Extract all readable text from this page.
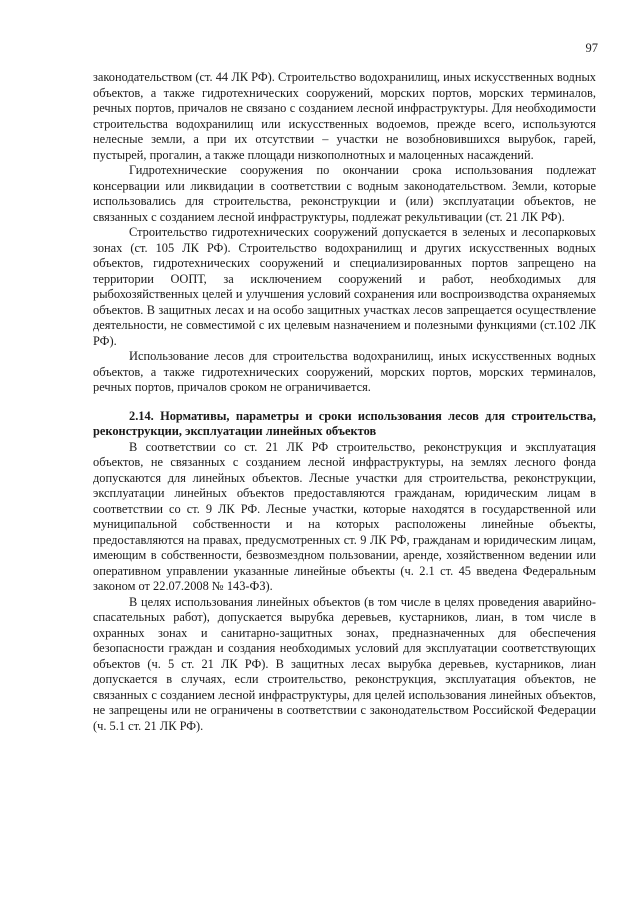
97

законодательством (ст. 44 ЛК РФ). Строительство водохранилищ, иных искусственных водных объектов, а также гидротехнических сооружений, морских портов, морских терминалов, речных портов, причалов не связано с созданием лесной инфраструктуры. Для необходимости строительства водохранилищ или искусственных водоемов, прежде всего, используются нелесные земли, а при их отсутствии – участки не возобновившихся вырубок, гарей, пустырей, прогалин, а также площади низкополнотных и малоценных насаждений.

Гидротехнические сооружения по окончании срока использования подлежат консервации или ликвидации в соответствии с водным законодательством. Земли, которые использовались для строительства, реконструкции и (или) эксплуатации объектов, не связанных с созданием лесной инфраструктуры, подлежат рекультивации (ст. 21 ЛК РФ).

Строительство гидротехнических сооружений допускается в зеленых и лесопарковых зонах (ст. 105 ЛК РФ). Строительство водохранилищ и других искусственных водных объектов, гидротехнических сооружений и специализированных портов запрещено на территории ООПТ, за исключением сооружений и работ, необходимых для рыбохозяйственных целей и улучшения условий сохранения или воспроизводства охраняемых объектов. В защитных лесах и на особо защитных участках лесов запрещается осуществление деятельности, не совместимой с их целевым назначением и полезными функциями (ст.102 ЛК РФ).

Использование лесов для строительства водохранилищ, иных искусственных водных объектов, а также гидротехнических сооружений, морских портов, морских терминалов, речных портов, причалов сроком не ограничивается.

2.14. Нормативы, параметры и сроки использования лесов для строительства, реконструкции, эксплуатации линейных объектов

В соответствии со ст. 21 ЛК РФ строительство, реконструкция и эксплуатация объектов, не связанных с созданием лесной инфраструктуры, на землях лесного фонда допускаются для линейных объектов. Лесные участки для строительства, реконструкции, эксплуатации линейных объектов предоставляются гражданам, юридическим лицам в соответствии со ст. 9 ЛК РФ. Лесные участки, которые находятся в государственной или муниципальной собственности и на которых расположены линейные объекты, предоставляются на правах, предусмотренных ст. 9 ЛК РФ, гражданам и юридическим лицам, имеющим в собственности, безвозмездном пользовании, аренде, хозяйственном ведении или оперативном управлении указанные линейные объекты (ч. 2.1 ст. 45 введена Федеральным законом от 22.07.2008 № 143-ФЗ).

В целях использования линейных объектов (в том числе в целях проведения аварийно-спасательных работ), допускается вырубка деревьев, кустарников, лиан, в том числе в охранных зонах и санитарно-защитных зонах, предназначенных для обеспечения безопасности граждан и создания необходимых условий для эксплуатации соответствующих объектов (ч. 5 ст. 21 ЛК РФ). В защитных лесах вырубка деревьев, кустарников, лиан допускается в случаях, если строительство, реконструкция, эксплуатация объектов, не связанных с созданием лесной инфраструктуры, для целей использования линейных объектов, не запрещены или не ограничены в соответствии с законодательством Российской Федерации (ч. 5.1 ст. 21 ЛК РФ).
